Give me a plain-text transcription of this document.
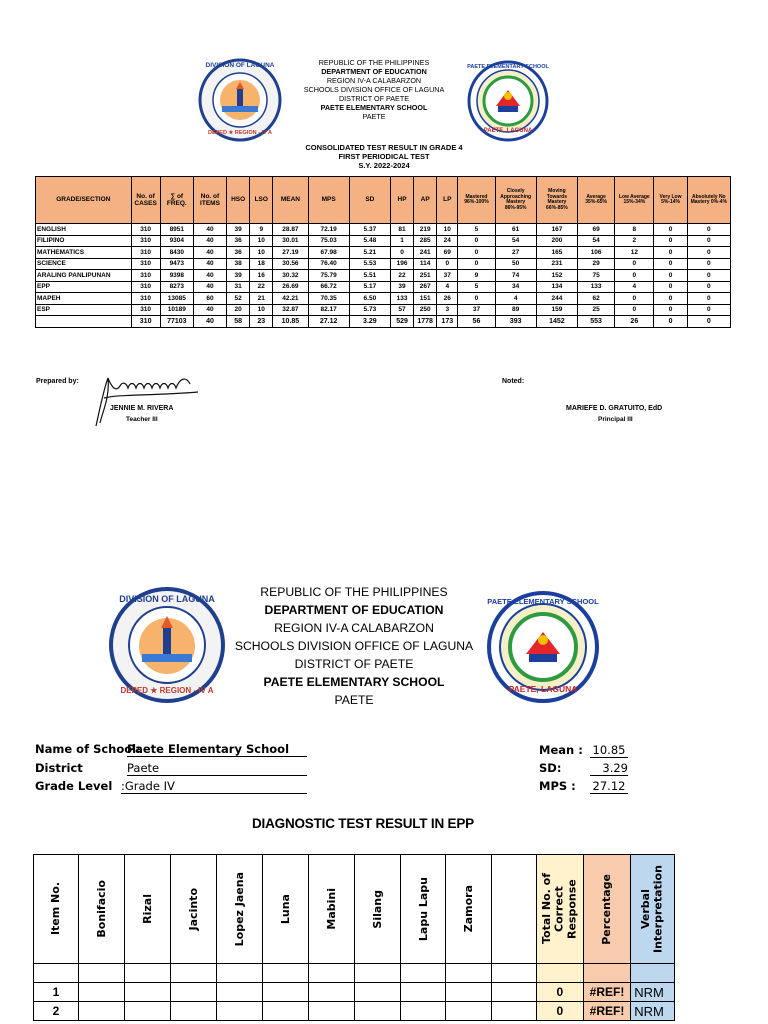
DIVISION OF LAGUNA
DEPED ★ REGION - IV A
REPUBLIC OF THE PHILIPPINES
DEPARTMENT OF EDUCATION
REGION IV-A CALABARZON
SCHOOLS DIVISION OFFICE OF LAGUNA
DISTRICT OF PAETE
PAETE ELEMENTARY SCHOOL
PAETE
PAETE ELEMENTARY SCHOOL
PAETE, LAGUNA
CONSOLIDATED TEST RESULT IN GRADE 4
FIRST PERIODICAL TEST
S.Y. 2022-2024
GRADE/SECTION	No. of CASES	∑ of FREQ.	No. of ITEMS	HSO	LSO	MEAN	MPS	SD	HP	AP	LP	Mastered 96%-100%	Closely Approaching Mastery 86%-95%	Moving Towards Mastery 66%-85%	Average 35%-65%	Low Average 15%-34%	Very Low 5%-14%	Absolutely No Mastery 0%-4%
ENGLISH	310	8951	40	39	9	28.87	72.19	5.37	81	219	10	5	61	167	69	8	0	0
FILIPINO	310	9304	40	36	10	30.01	75.03	5.48	1	285	24	0	54	200	54	2	0	0
MATHEMATICS	310	8430	40	36	10	27.19	67.98	5.21	0	241	69	0	27	165	106	12	0	0
SCIENCE	310	9473	40	38	18	30.56	76.40	5.53	196	114	0	0	50	231	29	0	0	0
ARALING PANLIPUNAN	310	9398	40	39	16	30.32	75.79	5.51	22	251	37	9	74	152	75	0	0	0
EPP	310	8273	40	31	22	26.69	66.72	5.17	39	267	4	5	34	134	133	4	0	0
MAPEH	310	13085	60	52	21	42.21	70.35	6.50	133	151	26	0	4	244	62	0	0	0
ESP	310	10189	40	20	10	32.87	82.17	5.73	57	250	3	37	89	159	25	0	0	0
	310	77103	40	58	23	10.85	27.12	3.29	529	1778	173	56	393	1452	553	26	0	0
Prepared by:
JENNIE M. RIVERA
Teacher III
Noted:
MARIEFE D. GRATUITO, EdD
Principal III
DIVISION OF LAGUNA
DEPED ★ REGION - IV A
REPUBLIC OF THE PHILIPPINES
DEPARTMENT OF EDUCATION
REGION IV-A CALABARZON
SCHOOLS DIVISION OFFICE OF LAGUNA
DISTRICT OF PAETE
PAETE ELEMENTARY SCHOOL
PAETE
PAETE ELEMENTARY SCHOOL
PAETE, LAGUNA
Name of School:
Paete Elementary School
District	Paete
Grade Level :Grade IV
Mean : 10.85
SD:	3.29
MPS : 27.12
DIAGNOSTIC TEST RESULT IN EPP
Item No.	Bonifacio	Rizal	Jacinto	Lopez Jaena	Luna	Mabini	Silang	Lapu Lapu	Zamora		Total No. of Correct Response	Percentage	Verbal Interpretation

1											0	#REF!	NRM
2											0	#REF!	NRM
